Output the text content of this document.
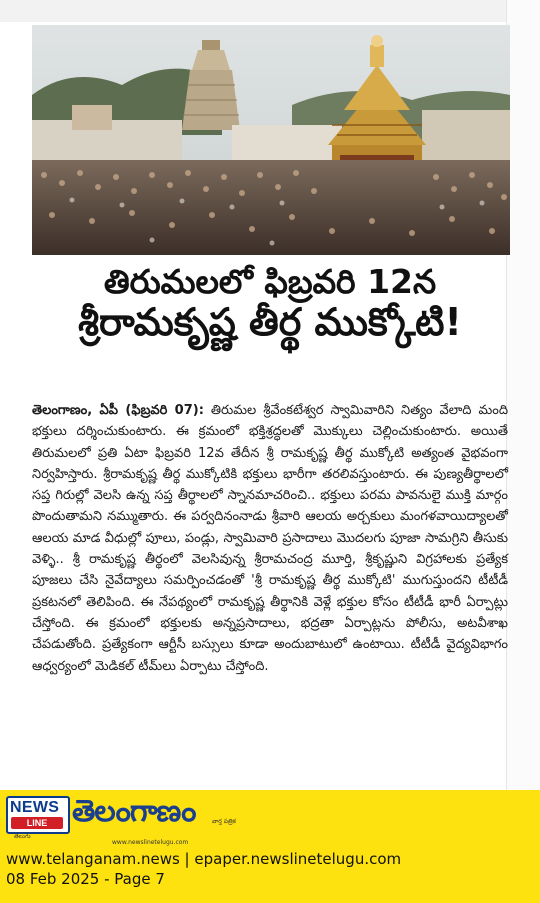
తిరుమలలో ఫిబ్రవరి 12న
శ్రీరామకృష్ణ తీర్థ ముక్కోటి!
తెలంగాణం, ఏపీ (ఫిబ్రవరి 07): తిరుమల శ్రీవేంకటేశ్వర స్వామివారిని నిత్యం వేలాది మంది భక్తులు దర్శించుకుంటారు. ఈ క్రమంలో భక్తిశ్రద్ధలతో మొక్కులు చెల్లించుకుంటారు. అయితే తిరుమలలో ప్రతి ఏటా ఫిబ్రవరి 12వ తేదీన శ్రీ రామకృష్ణ తీర్థ ముక్కోటి అత్యంత వైభవంగా నిర్వహిస్తారు. శ్రీరామకృష్ణ తీర్థ ముక్కోటికి భక్తులు భారీగా తరలివస్తుంటారు. ఈ పుణ్యతీర్థాలలో సప్త గిరుల్లో వెలసి ఉన్న సప్త తీర్థాలలో స్నానమాచరించి.. భక్తులు పరమ పావనులై ముక్తి మార్గం పొందుతామని నమ్ముతారు. ఈ పర్వదినంనాడు శ్రీవారి ఆలయ అర్చకులు మంగళవాయిద్యాలతో ఆలయ మాడ వీధుల్లో పూలు, పండ్లు, స్వామివారి ప్రసాదాలు మొదలగు పూజా సామగ్రిని తీసుకు వెళ్ళి.. శ్రీ రామకృష్ణ తీర్థంలో వెలసివున్న శ్రీరామచంద్ర మూర్తి, శ్రీకృష్ణుని విగ్రహాలకు ప్రత్యేక పూజలు చేసి నైవేద్యాలు సమర్పించడంతో 'శ్రీ రామకృష్ణ తీర్థ ముక్కోటి' ముగుస్తుందని టీటీడీ ప్రకటనలో తెలిపింది. ఈ నేపథ్యంలో రామకృష్ణ తీర్థానికి వెళ్లే భక్తుల కోసం టీటీడీ భారీ ఏర్పాట్లు చేస్తోంది. ఈ క్రమంలో భక్తులకు అన్నప్రసాదాలు, భద్రతా ఏర్పాట్లను పోలీసు, అటవీశాఖ చేపడుతోంది. ప్రత్యేకంగా ఆర్టీసీ బస్సులు కూడా అందుబాటులో ఉంటాయి. టీటీడీ వైద్యవిభాగం ఆధ్వర్యంలో మెడికల్ టీమ్‌లు ఏర్పాటు చేస్తోంది.
NEWS
LINE
తెలుగు
తెలంగాణం	వార్త పత్రిక
www.newslinetelugu.com
www.telanganam.news | epaper.newslinetelugu.com
08 Feb 2025 - Page 7
